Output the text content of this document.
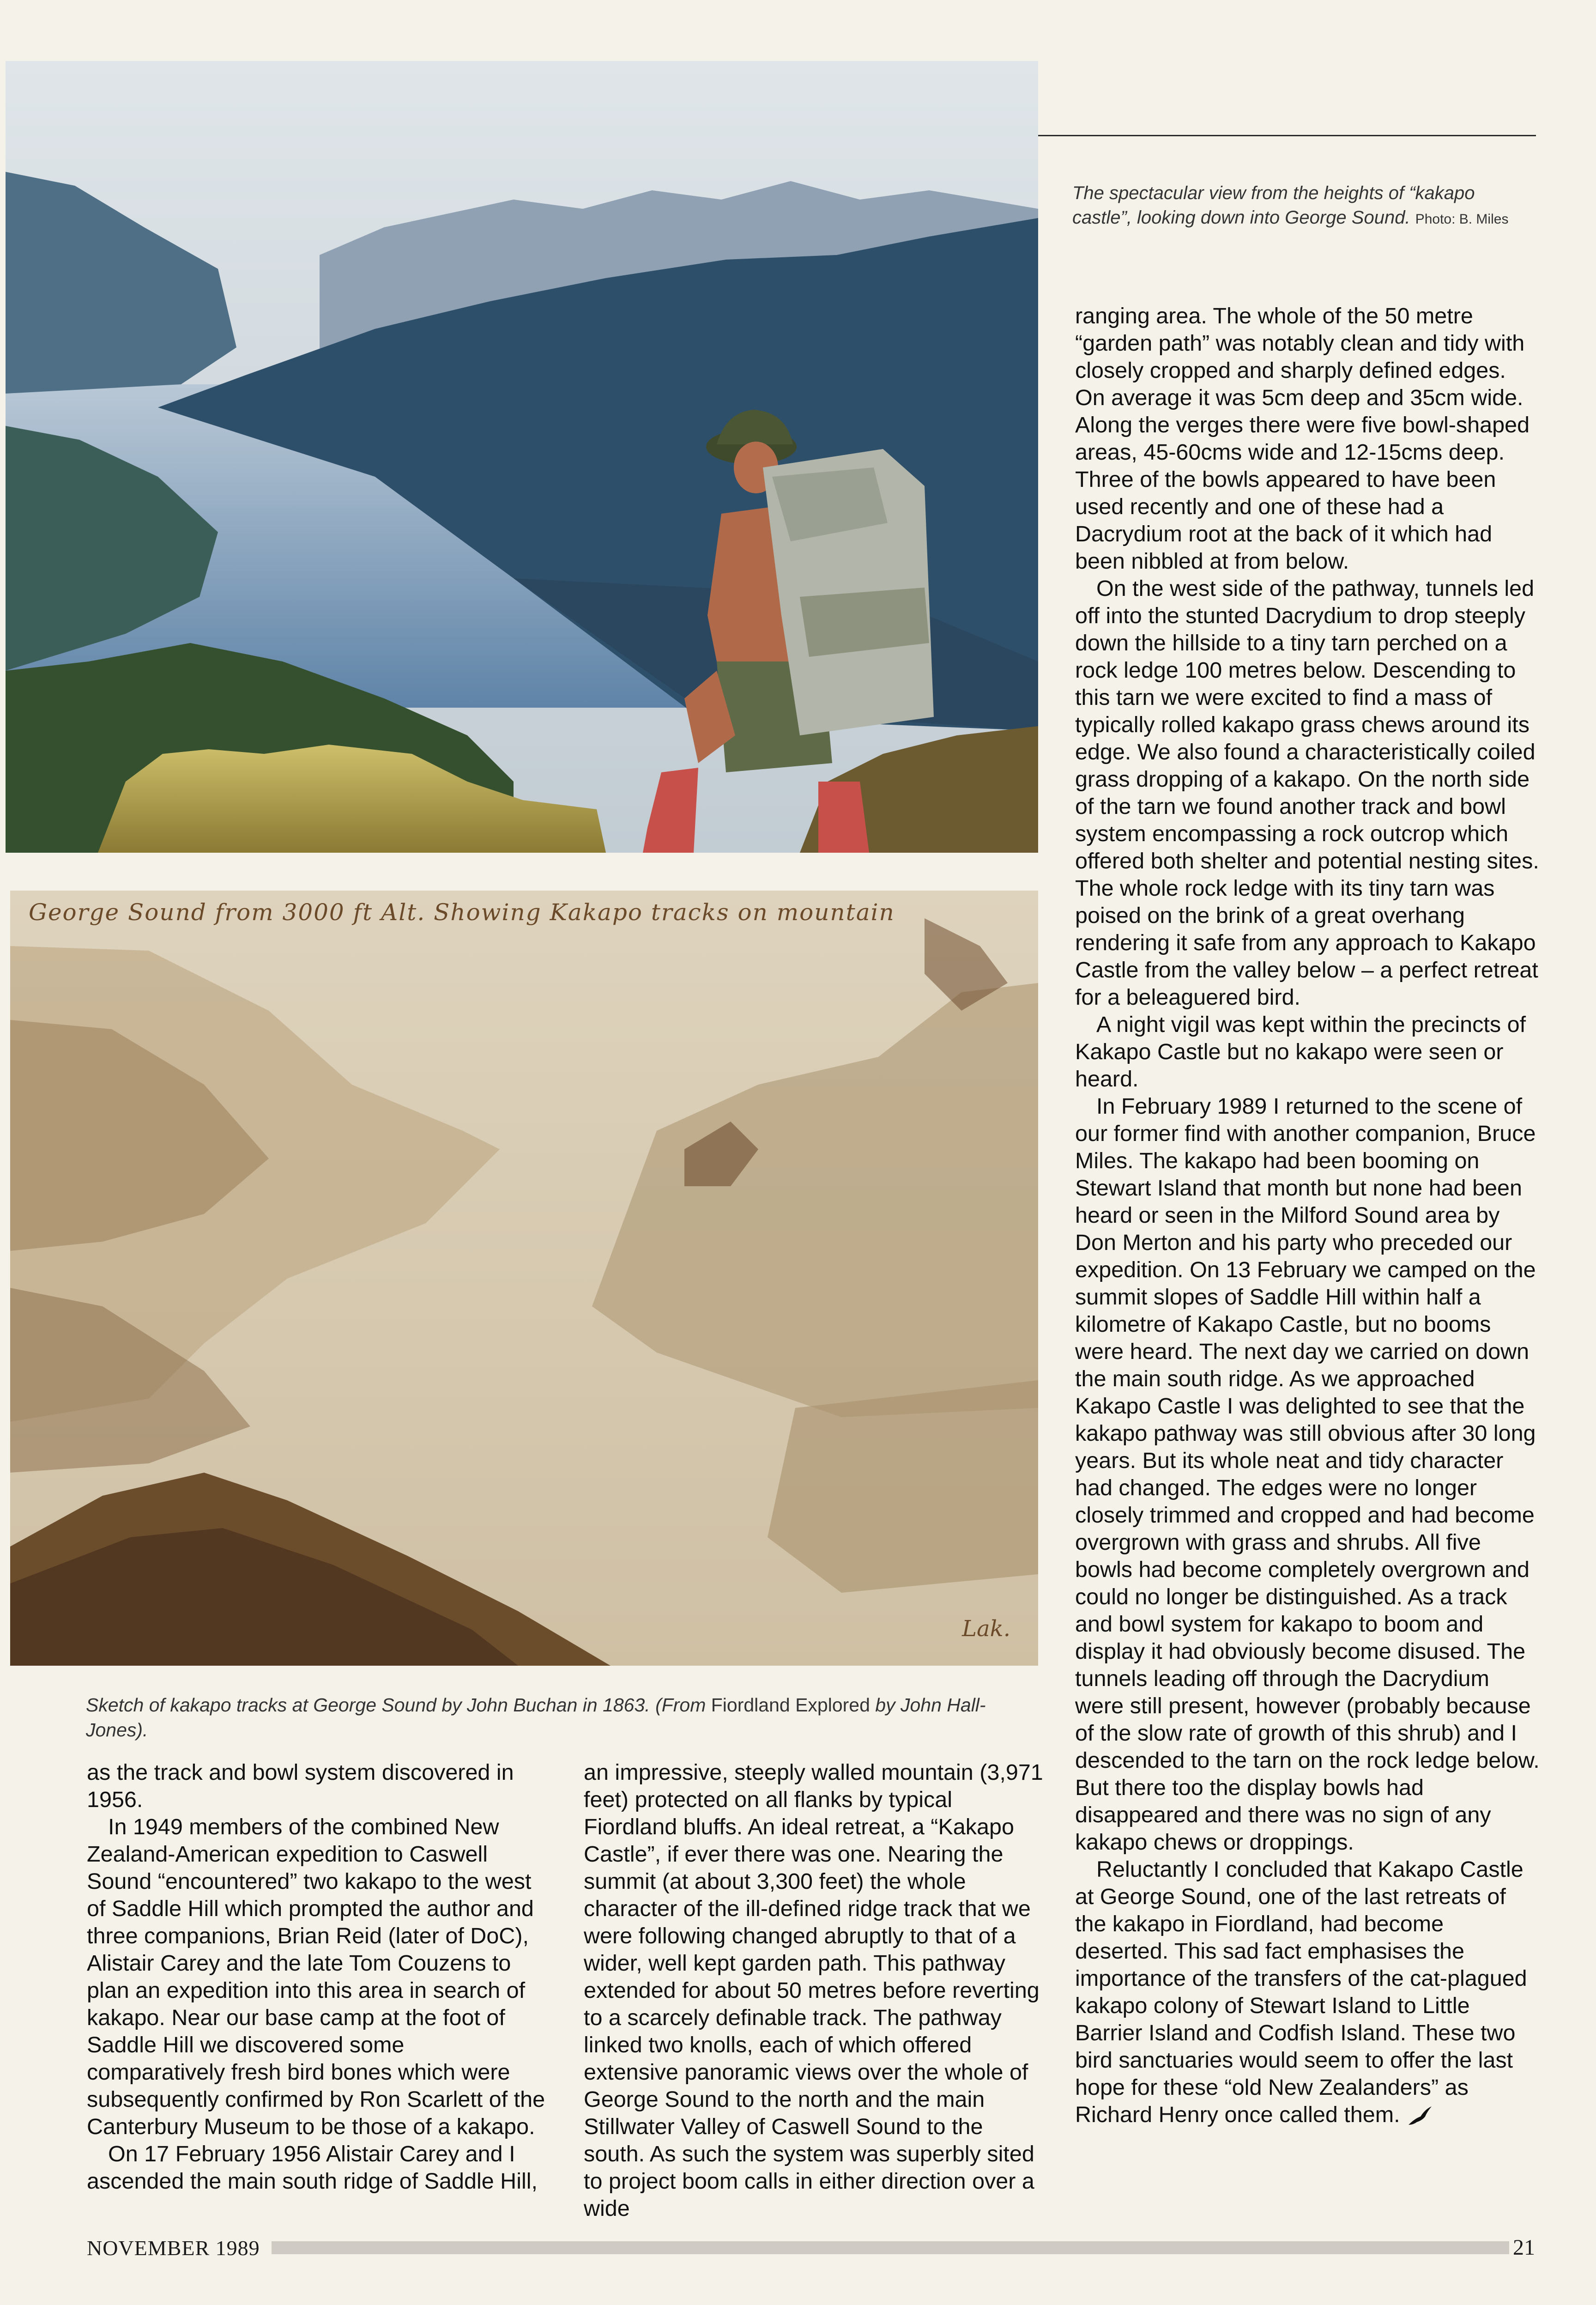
The spectacular view from the heights of “kakapo castle”, looking down into George Sound. Photo: B. Miles
George Sound from 3000 ft Alt. Showing Kakapo tracks on mountain
Lak.
Sketch of kakapo tracks at George Sound by John Buchan in 1863. (From Fiordland Explored by John Hall-Jones).

ranging area. The whole of the 50 metre “garden path” was notably clean and tidy with closely cropped and sharply defined edges. On average it was 5cm deep and 35cm wide. Along the verges there were five bowl-shaped areas, 45-60cms wide and 12-15cms deep. Three of the bowls appeared to have been used recently and one of these had a Dacrydium root at the back of it which had been nibbled at from below.

On the west side of the pathway, tunnels led off into the stunted Dacrydium to drop steeply down the hillside to a tiny tarn perched on a rock ledge 100 metres below. Descending to this tarn we were excited to find a mass of typically rolled kakapo grass chews around its edge. We also found a characteristically coiled grass dropping of a kakapo. On the north side of the tarn we found another track and bowl system encompassing a rock outcrop which offered both shelter and potential nesting sites. The whole rock ledge with its tiny tarn was poised on the brink of a great overhang rendering it safe from any approach to Kakapo Castle from the valley below – a perfect retreat for a beleaguered bird.

A night vigil was kept within the precincts of Kakapo Castle but no kakapo were seen or heard.

In February 1989 I returned to the scene of our former find with another companion, Bruce Miles. The kakapo had been booming on Stewart Island that month but none had been heard or seen in the Milford Sound area by Don Merton and his party who preceded our expedition. On 13 February we camped on the summit slopes of Saddle Hill within half a kilometre of Kakapo Castle, but no booms were heard. The next day we carried on down the main south ridge. As we approached Kakapo Castle I was delighted to see that the kakapo pathway was still obvious after 30 long years. But its whole neat and tidy character had changed. The edges were no longer closely trimmed and cropped and had become overgrown with grass and shrubs. All five bowls had become completely overgrown and could no longer be distinguished. As a track and bowl system for kakapo to boom and display it had obviously become disused. The tunnels leading off through the Dacrydium were still present, however (probably because of the slow rate of growth of this shrub) and I descended to the tarn on the rock ledge below. But there too the display bowls had disappeared and there was no sign of any kakapo chews or droppings.

Reluctantly I concluded that Kakapo Castle at George Sound, one of the last retreats of the kakapo in Fiordland, had become deserted. This sad fact emphasises the importance of the transfers of the cat-plagued kakapo colony of Stewart Island to Little Barrier Island and Codfish Island. These two bird sanctuaries would seem to offer the last hope for these “old New Zealanders” as Richard Henry once called them.

as the track and bowl system discovered in 1956.

In 1949 members of the combined New Zealand-American expedition to Caswell Sound “encountered” two kakapo to the west of Saddle Hill which prompted the author and three companions, Brian Reid (later of DoC), Alistair Carey and the late Tom Couzens to plan an expedition into this area in search of kakapo. Near our base camp at the foot of Saddle Hill we discovered some comparatively fresh bird bones which were subsequently confirmed by Ron Scarlett of the Canterbury Museum to be those of a kakapo.

On 17 February 1956 Alistair Carey and I ascended the main south ridge of Saddle Hill,

an impressive, steeply walled mountain (3,971 feet) protected on all flanks by typical Fiordland bluffs. An ideal retreat, a “Kakapo Castle”, if ever there was one. Nearing the summit (at about 3,300 feet) the whole character of the ill-defined ridge track that we were following changed abruptly to that of a wider, well kept garden path. This pathway extended for about 50 metres before reverting to a scarcely definable track. The pathway linked two knolls, each of which offered extensive panoramic views over the whole of George Sound to the north and the main Stillwater Valley of Caswell Sound to the south. As such the system was superbly sited to project boom calls in either direction over a wide

NOVEMBER 1989	21
